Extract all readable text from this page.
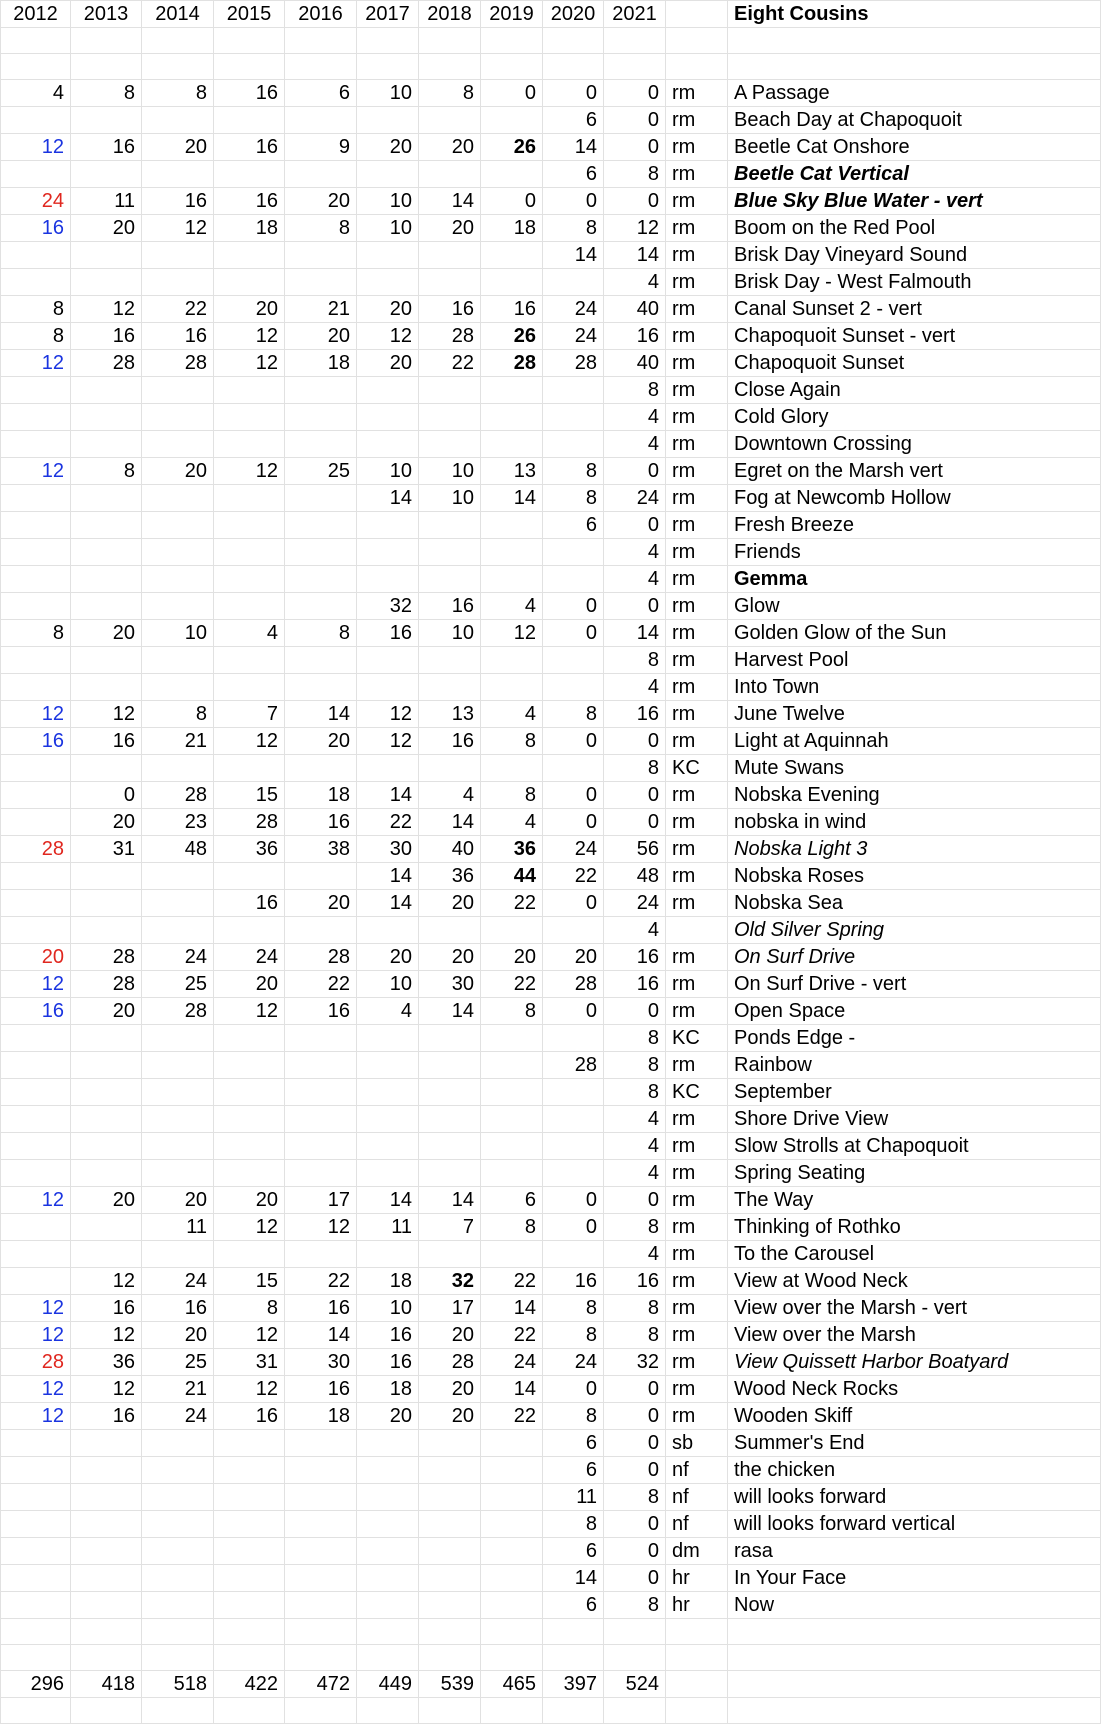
2012	2013	2014	2015	2016	2017	2018	2019	2020	2021		Eight Cousins

4	8	8	16	6	10	8	0	0	0	rm	A Passage
								6	0	rm	Beach Day at Chapoquoit
12	16	20	16	9	20	20	26	14	0	rm	Beetle Cat Onshore
								6	8	rm	Beetle Cat Vertical
24	11	16	16	20	10	14	0	0	0	rm	Blue Sky Blue Water - vert
16	20	12	18	8	10	20	18	8	12	rm	Boom on the Red Pool
								14	14	rm	Brisk Day Vineyard Sound
									4	rm	Brisk Day - West Falmouth
8	12	22	20	21	20	16	16	24	40	rm	Canal Sunset 2 - vert
8	16	16	12	20	12	28	26	24	16	rm	Chapoquoit Sunset - vert
12	28	28	12	18	20	22	28	28	40	rm	Chapoquoit Sunset
									8	rm	Close Again
									4	rm	Cold Glory
									4	rm	Downtown Crossing
12	8	20	12	25	10	10	13	8	0	rm	Egret on the Marsh vert
					14	10	14	8	24	rm	Fog at Newcomb Hollow
								6	0	rm	Fresh Breeze
									4	rm	Friends
									4	rm	Gemma
					32	16	4	0	0	rm	Glow
8	20	10	4	8	16	10	12	0	14	rm	Golden Glow of the Sun
									8	rm	Harvest Pool
									4	rm	Into Town
12	12	8	7	14	12	13	4	8	16	rm	June Twelve
16	16	21	12	20	12	16	8	0	0	rm	Light at Aquinnah
									8	KC	Mute Swans
	0	28	15	18	14	4	8	0	0	rm	Nobska Evening
	20	23	28	16	22	14	4	0	0	rm	nobska in wind
28	31	48	36	38	30	40	36	24	56	rm	Nobska Light 3
					14	36	44	22	48	rm	Nobska Roses
			16	20	14	20	22	0	24	rm	Nobska Sea
									4		Old Silver Spring
20	28	24	24	28	20	20	20	20	16	rm	On Surf Drive
12	28	25	20	22	10	30	22	28	16	rm	On Surf Drive - vert
16	20	28	12	16	4	14	8	0	0	rm	Open Space
									8	KC	Ponds Edge -
								28	8	rm	Rainbow
									8	KC	September
									4	rm	Shore Drive View
									4	rm	Slow Strolls at Chapoquoit
									4	rm	Spring Seating
12	20	20	20	17	14	14	6	0	0	rm	The Way
		11	12	12	11	7	8	0	8	rm	Thinking of Rothko
									4	rm	To the Carousel
	12	24	15	22	18	32	22	16	16	rm	View at Wood Neck
12	16	16	8	16	10	17	14	8	8	rm	View over the Marsh - vert
12	12	20	12	14	16	20	22	8	8	rm	View over the Marsh
28	36	25	31	30	16	28	24	24	32	rm	View Quissett Harbor Boatyard
12	12	21	12	16	18	20	14	0	0	rm	Wood Neck Rocks
12	16	24	16	18	20	20	22	8	0	rm	Wooden Skiff
								6	0	sb	Summer's End
								6	0	nf	the chicken
								11	8	nf	will looks forward
								8	0	nf	will looks forward vertical
								6	0	dm	rasa
								14	0	hr	In Your Face
								6	8	hr	Now

296	418	518	422	472	449	539	465	397	524		
